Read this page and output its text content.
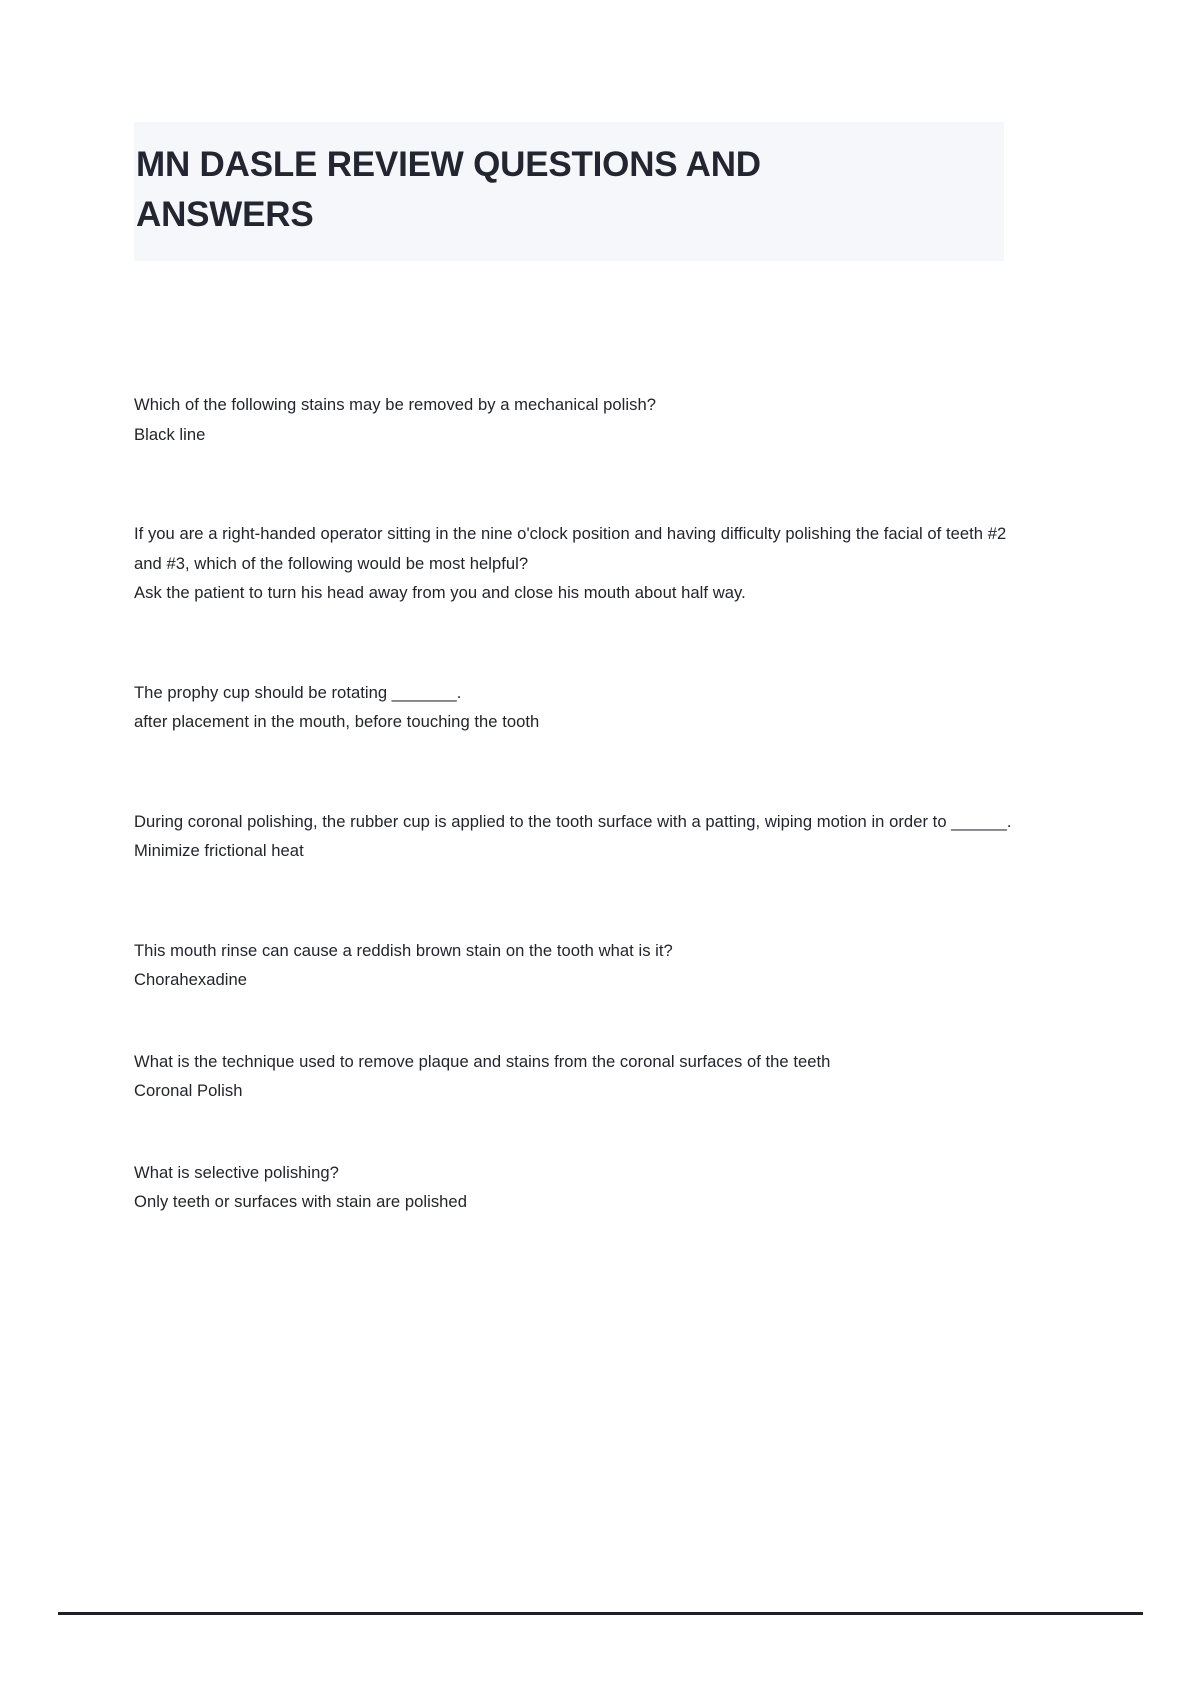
MN DASLE REVIEW QUESTIONS AND ANSWERS

Which of the following stains may be removed by a mechanical polish?

Black line

If you are a right-handed operator sitting in the nine o'clock position and having difficulty polishing the facial of teeth #2 and #3, which of the following would be most helpful?

Ask the patient to turn his head away from you and close his mouth about half way.

The prophy cup should be rotating _______.

after placement in the mouth, before touching the tooth

During coronal polishing, the rubber cup is applied to the tooth surface with a patting, wiping motion in order to ______.

Minimize frictional heat

This mouth rinse can cause a reddish brown stain on the tooth what is it?

Chorahexadine

What is the technique used to remove plaque and stains from the coronal surfaces of the teeth

Coronal Polish

What is selective polishing?

Only teeth or surfaces with stain are polished
